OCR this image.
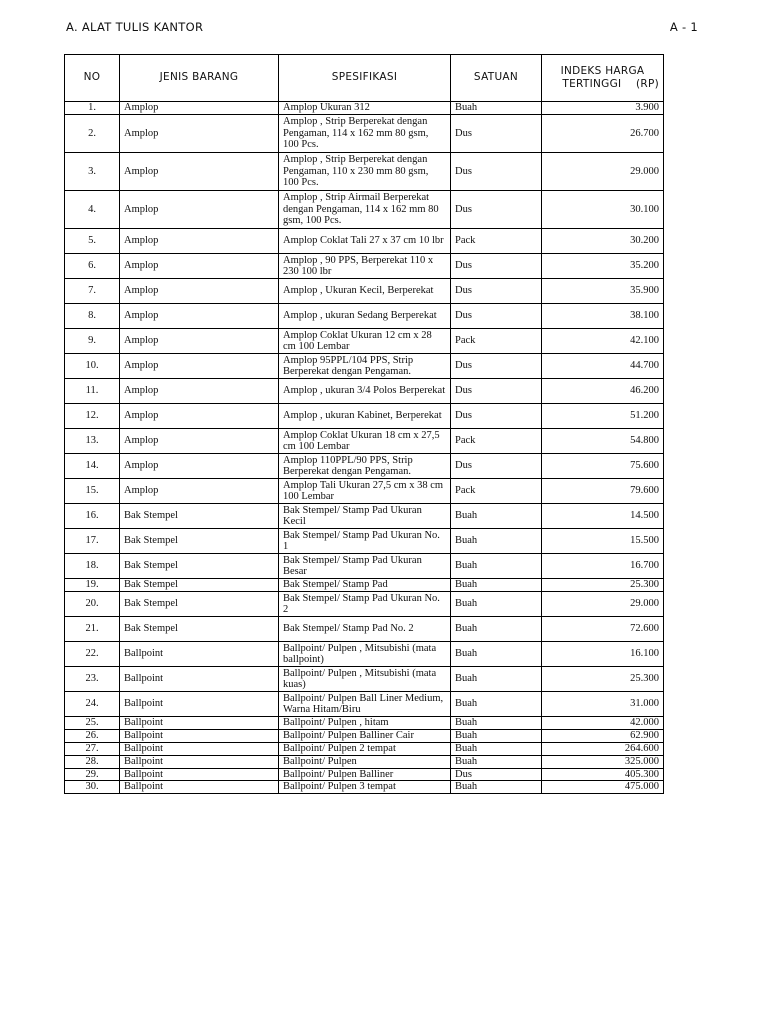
A. ALAT TULIS KANTOR	A - 1
NO	JENIS BARANG	SPESIFIKASI	SATUAN	INDEKS HARGA
TERTINGGI    (RP)

1.	Amplop	Amplop Ukuran 312	Buah	3.900
2.	Amplop	Amplop , Strip Berperekat dengan Pengaman, 114 x 162 mm 80 gsm, 100 Pcs.	Dus	26.700
3.	Amplop	Amplop , Strip Berperekat dengan Pengaman, 110 x 230 mm 80 gsm, 100 Pcs.	Dus	29.000
4.	Amplop	Amplop , Strip Airmail Berperekat dengan Pengaman, 114 x 162 mm 80 gsm, 100 Pcs.	Dus	30.100
5.	Amplop	Amplop Coklat Tali 27 x 37 cm 10 lbr	Pack	30.200
6.	Amplop	Amplop , 90 PPS, Berperekat 110 x 230 100 lbr	Dus	35.200
7.	Amplop	Amplop , Ukuran Kecil, Berperekat	Dus	35.900
8.	Amplop	Amplop , ukuran Sedang Berperekat	Dus	38.100
9.	Amplop	Amplop Coklat Ukuran 12 cm x 28 cm 100 Lembar	Pack	42.100
10.	Amplop	Amplop 95PPL/104 PPS, Strip Berperekat dengan Pengaman.	Dus	44.700
11.	Amplop	Amplop , ukuran 3/4 Polos Berperekat	Dus	46.200
12.	Amplop	Amplop , ukuran Kabinet, Berperekat	Dus	51.200
13.	Amplop	Amplop Coklat Ukuran 18 cm x 27,5 cm 100 Lembar	Pack	54.800
14.	Amplop	Amplop 110PPL/90 PPS, Strip Berperekat dengan Pengaman.	Dus	75.600
15.	Amplop	Amplop Tali Ukuran 27,5 cm x 38 cm 100 Lembar	Pack	79.600
16.	Bak Stempel	Bak Stempel/ Stamp Pad Ukuran Kecil	Buah	14.500
17.	Bak Stempel	Bak Stempel/ Stamp Pad Ukuran No. 1	Buah	15.500
18.	Bak Stempel	Bak Stempel/ Stamp Pad Ukuran Besar	Buah	16.700
19.	Bak Stempel	Bak Stempel/ Stamp Pad	Buah	25.300
20.	Bak Stempel	Bak Stempel/ Stamp Pad Ukuran No. 2	Buah	29.000
21.	Bak Stempel	Bak Stempel/ Stamp Pad No. 2	Buah	72.600
22.	Ballpoint	Ballpoint/ Pulpen , Mitsubishi (mata ballpoint)	Buah	16.100
23.	Ballpoint	Ballpoint/ Pulpen , Mitsubishi (mata kuas)	Buah	25.300
24.	Ballpoint	Ballpoint/ Pulpen Ball Liner Medium, Warna Hitam/Biru	Buah	31.000
25.	Ballpoint	Ballpoint/ Pulpen , hitam	Buah	42.000
26.	Ballpoint	Ballpoint/ Pulpen Balliner Cair	Buah	62.900
27.	Ballpoint	Ballpoint/ Pulpen 2 tempat	Buah	264.600
28.	Ballpoint	Ballpoint/ Pulpen	Buah	325.000
29.	Ballpoint	Ballpoint/ Pulpen Balliner	Dus	405.300
30.	Ballpoint	Ballpoint/ Pulpen 3 tempat	Buah	475.000
